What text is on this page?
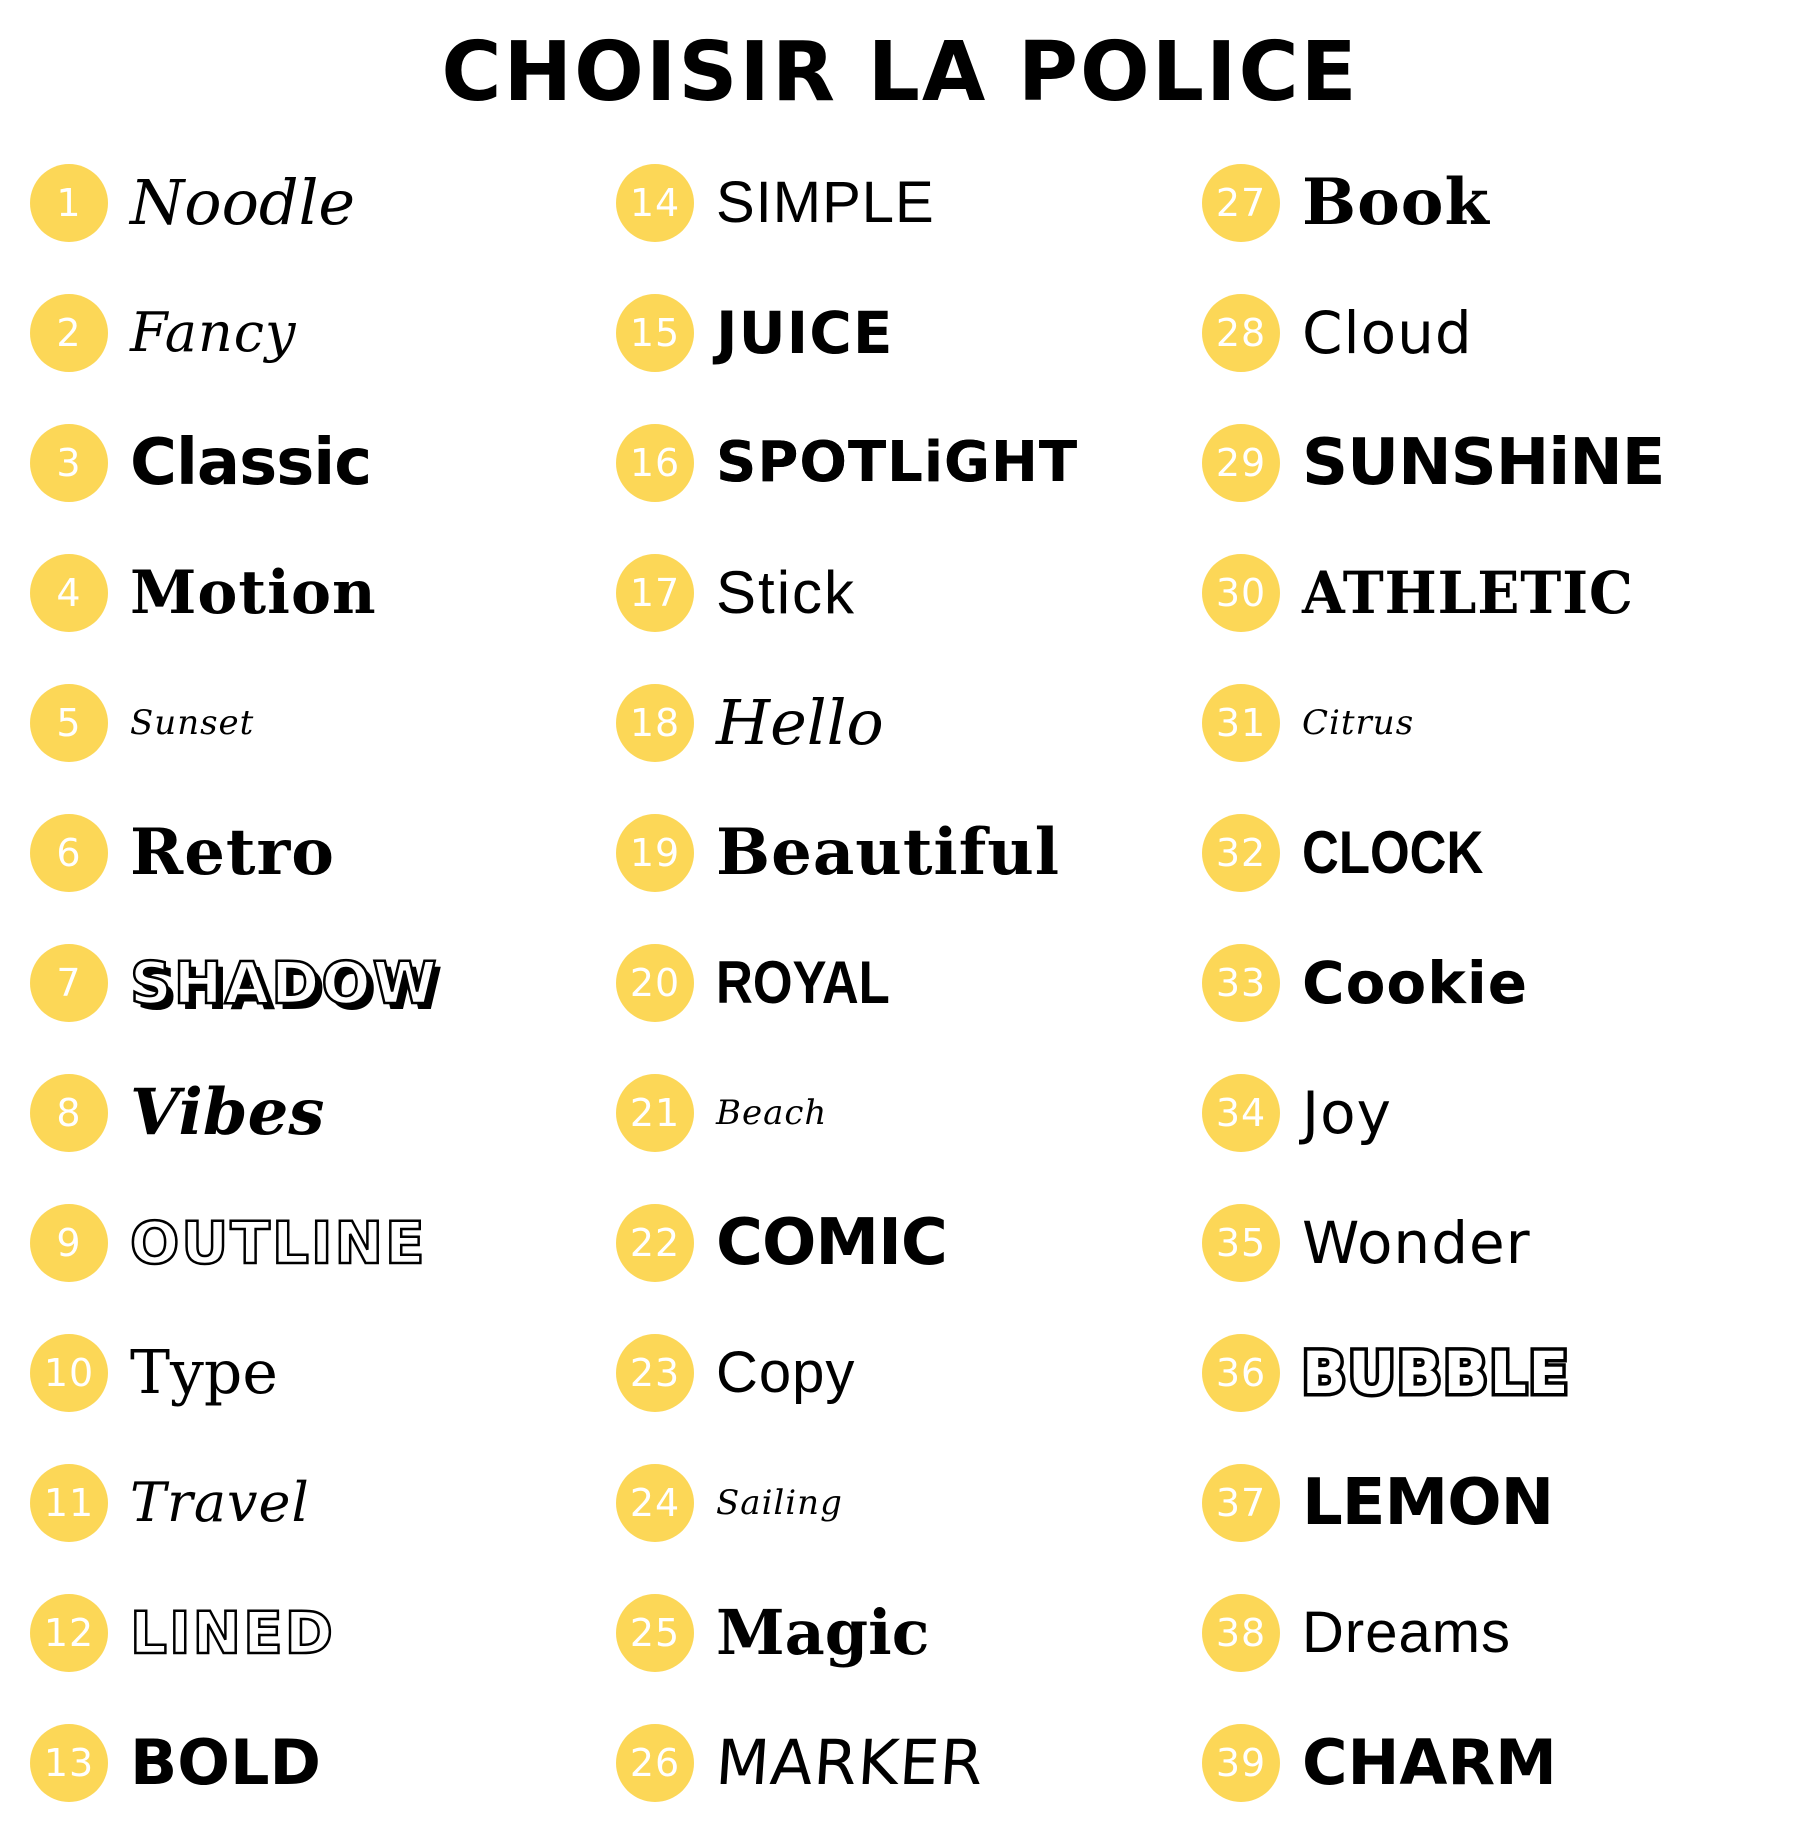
CHOISIR LA POLICE
1 Noodle
2 Fancy
3 Classic
4 Motion
5	Sunset
6 Retro
7 SHADOW
8 Vibes
9 OUTLINE
10 Type
11 Travel
12 LINED
13 BOLD
14 SIMPLE
15 JUICE
16 SPOTLiGHT
17 Stick
18 Hello
19 Beautiful
20 ROYAL
21	Beach
22 COMIC
23 Copy
24	Sailing
25 Magic
26 MARKER
27 Book
28 Cloud
29 SUNSHiNE
30 ATHLETIC
31	Citrus
32 CLOCK
33 Cookie
34 Joy
35 Wonder
36 BUBBLE
37 LEMON
38 Dreams
39 CHARM
